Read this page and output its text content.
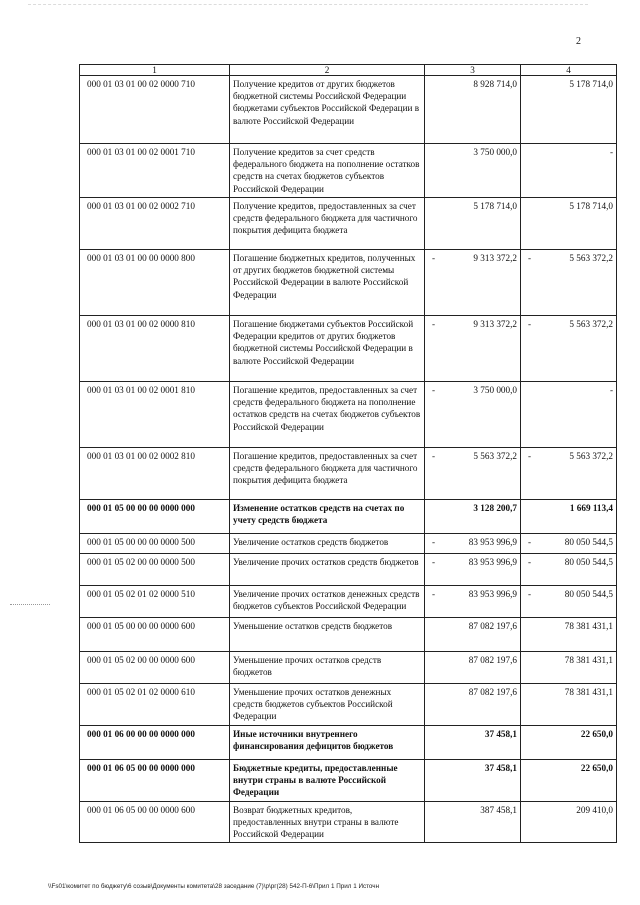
2
1	2	3	4
000 01 03 01 00 02 0000 710	Получение кредитов от других бюджетов бюджетной системы Российской Федерации бюджетами субъектов Российской Федерации в валюте Российской Федерации	8 928 714,0	5 178 714,0
000 01 03 01 00 02 0001 710	Получение кредитов за счет средств федерального бюджета на пополнение остатков средств на счетах бюджетов субъектов Российской Федерации	3 750 000,0	-
000 01 03 01 00 02 0002 710	Получение кредитов, предоставленных за счет средств федерального бюджета для частичного покрытия дефицита бюджета	5 178 714,0	5 178 714,0
000 01 03 01 00 00 0000 800	Погашение бюджетных кредитов, полученных от других бюджетов бюджетной системы Российской Федерации в валюте Российской Федерации	- 9 313 372,2	- 5 563 372,2
000 01 03 01 00 02 0000 810	Погашение бюджетами субъектов Российской Федерации кредитов от других бюджетов бюджетной системы Российской Федерации в валюте Российской Федерации	- 9 313 372,2	- 5 563 372,2
000 01 03 01 00 02 0001 810	Погашение кредитов, предоставленных за счет средств федерального бюджета на пополнение остатков средств на счетах бюджетов субъектов Российской Федерации	- 3 750 000,0	-
000 01 03 01 00 02 0002 810	Погашение кредитов, предоставленных за счет средств федерального бюджета для частичного покрытия дефицита бюджета	- 5 563 372,2	- 5 563 372,2
000 01 05 00 00 00 0000 000	Изменение остатков средств на счетах по учету средств бюджета	3 128 200,7	1 669 113,4
000 01 05 00 00 00 0000 500	Увеличение остатков средств бюджетов	- 83 953 996,9	- 80 050 544,5
000 01 05 02 00 00 0000 500	Увеличение прочих остатков средств бюджетов	- 83 953 996,9	- 80 050 544,5
000 01 05 02 01 02 0000 510	Увеличение прочих остатков денежных средств бюджетов субъектов Российской Федерации	- 83 953 996,9	- 80 050 544,5
000 01 05 00 00 00 0000 600	Уменьшение остатков средств бюджетов	87 082 197,6	78 381 431,1
000 01 05 02 00 00 0000 600	Уменьшение прочих остатков средств бюджетов	87 082 197,6	78 381 431,1
000 01 05 02 01 02 0000 610	Уменьшение прочих остатков денежных средств бюджетов субъектов Российской Федерации	87 082 197,6	78 381 431,1
000 01 06 00 00 00 0000 000	Иные источники внутреннего финансирования дефицитов бюджетов	37 458,1	22 650,0
000 01 06 05 00 00 0000 000	Бюджетные кредиты, предоставленные внутри страны в валюте Российской Федерации	37 458,1	22 650,0
000 01 06 05 00 00 0000 600	Возврат бюджетных кредитов, предоставленных внутри страны в валюте Российской Федерации	387 458,1	209 410,0
\\Fs01\комитет по бюджету\6 созыв\Документы комитета\28 заседание (7)\р\рг(28) 542-П-6\Прил 1 Прил 1 Источн
